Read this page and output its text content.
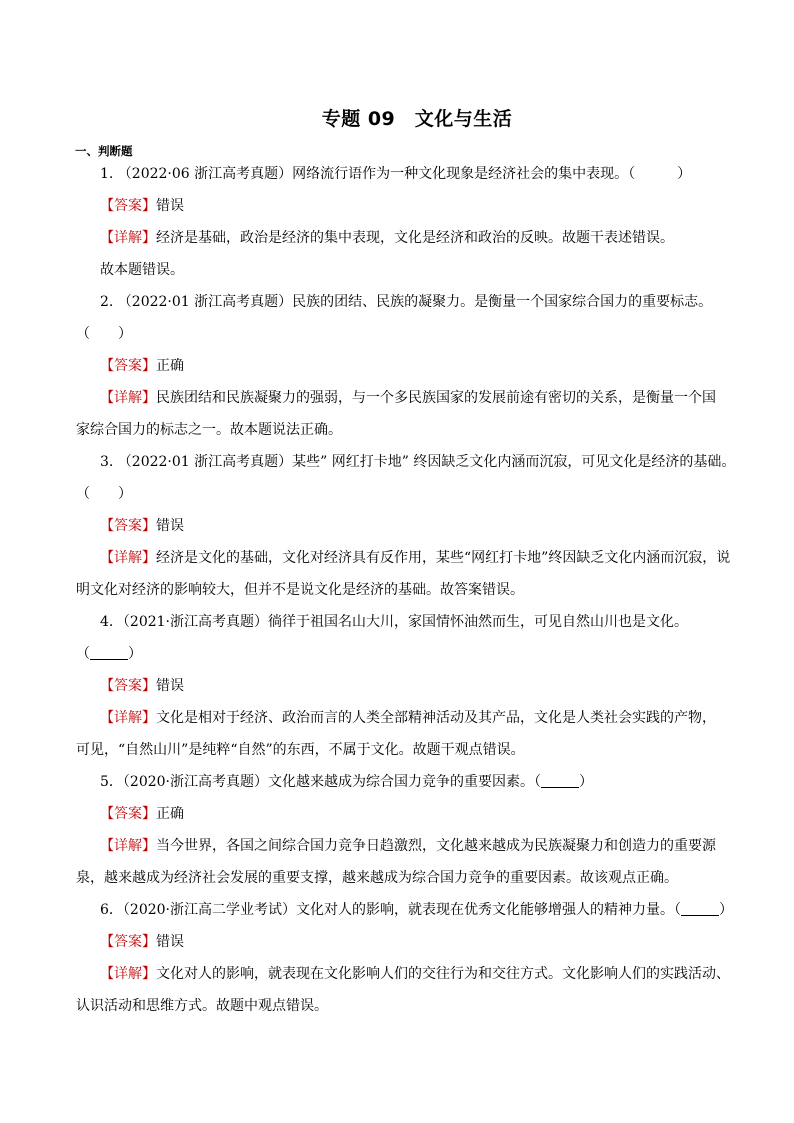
专题 09　文化与生活
一、判断题
1. （2022·06 浙江高考真题）网络流行语作为一种文化现象是经济社会的集中表现。（　　　）
【答案】错误
【详解】经济是基础，政治是经济的集中表现，文化是经济和政治的反映。故题干表述错误。
故本题错误。
2. （2022·01 浙江高考真题）民族的团结、民族的凝聚力。是衡量一个国家综合国力的重要标志。
（　　）
【答案】正确
【详解】民族团结和民族凝聚力的强弱，与一个多民族国家的发展前途有密切的关系，是衡量一个国
家综合国力的标志之一。故本题说法正确。
3. （2022·01 浙江高考真题）某些” 网红打卡地” 终因缺乏文化内涵而沉寂，可见文化是经济的基础。
（　　）
【答案】错误
【详解】经济是文化的基础，文化对经济具有反作用，某些“网红打卡地”终因缺乏文化内涵而沉寂，说
明文化对经济的影响较大，但并不是说文化是经济的基础。故答案错误。
4．（2021·浙江高考真题）徜徉于祖国名山大川，家国情怀油然而生，可见自然山川也是文化。
（	）
【答案】错误
【详解】文化是相对于经济、政治而言的人类全部精神活动及其产品，文化是人类社会实践的产物，
可见，“自然山川”是纯粹“自然”的东西，不属于文化。故题干观点错误。
5．（2020·浙江高考真题）文化越来越成为综合国力竞争的重要因素。（	）
【答案】正确
【详解】当今世界，各国之间综合国力竞争日趋激烈，文化越来越成为民族凝聚力和创造力的重要源
泉，越来越成为经济社会发展的重要支撑，越来越成为综合国力竞争的重要因素。故该观点正确。
6．（2020·浙江高二学业考试）文化对人的影响，就表现在优秀文化能够增强人的精神力量。（	）
【答案】错误
【详解】文化对人的影响，就表现在文化影响人们的交往行为和交往方式。文化影响人们的实践活动、
认识活动和思维方式。故题中观点错误。
